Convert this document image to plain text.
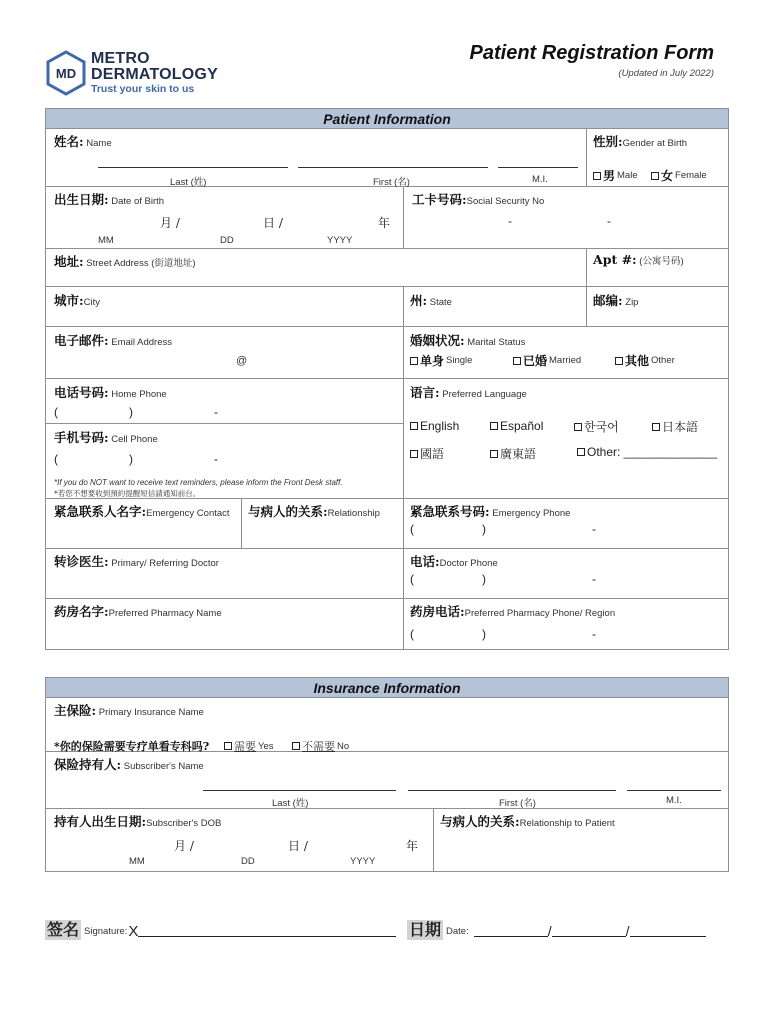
MD
METRO
DERMATOLOGY
Trust your skin to us
Patient Registration Form
(Updated in July 2022)
Patient Information
姓名: Name
Last (姓)	First (名)	M.I.
性别:Gender at Birth
男 Male 女 Female
出生日期: Date of Birth
月 /	日 /	年
MM	DD	YYYY
工卡号码:Social Security No
-	-
地址: Street Address (街道地址)	Apt #: (公寓号码)
城市:City	州: State	邮编: Zip
电子邮件: Email Address
@
婚姻状况: Marital Status
单身 Single	已婚 Married	其他 Other
电话号码: Home Phone
(	)	-
手机号码: Cell Phone
(	)	-
*If you do NOT want to receive text reminders, please inform the Front Desk staff.
*若您不想要收到預約提醒短信請通知前台。
语言: Preferred Language
English	Español	한국어	日本語
國語	廣東語	Other: ______________
紧急联系人名字:Emergency Contact 与病人的关系:Relationship 紧急联系号码: Emergency Phone
(	)	-
转诊医生: Primary/ Referring Doctor	电话:Doctor Phone
(	)	-
药房名字:Preferred Pharmacy Name	药房电话:Preferred Pharmacy Phone/ Region
(	)	-
Insurance Information
主保险: Primary Insurance Name
*你的保险需要专疗单看专科吗? 需要 Yes	不需要 No
保险持有人: Subscriber's Name
Last (姓)	First (名)	M.I.
持有人出生日期:Subscriber's DOB
月 /	日 /	年
MM	DD	YYYY
与病人的关系:Relationship to Patient
签名 Signature: X	日期 Date:	/	/
